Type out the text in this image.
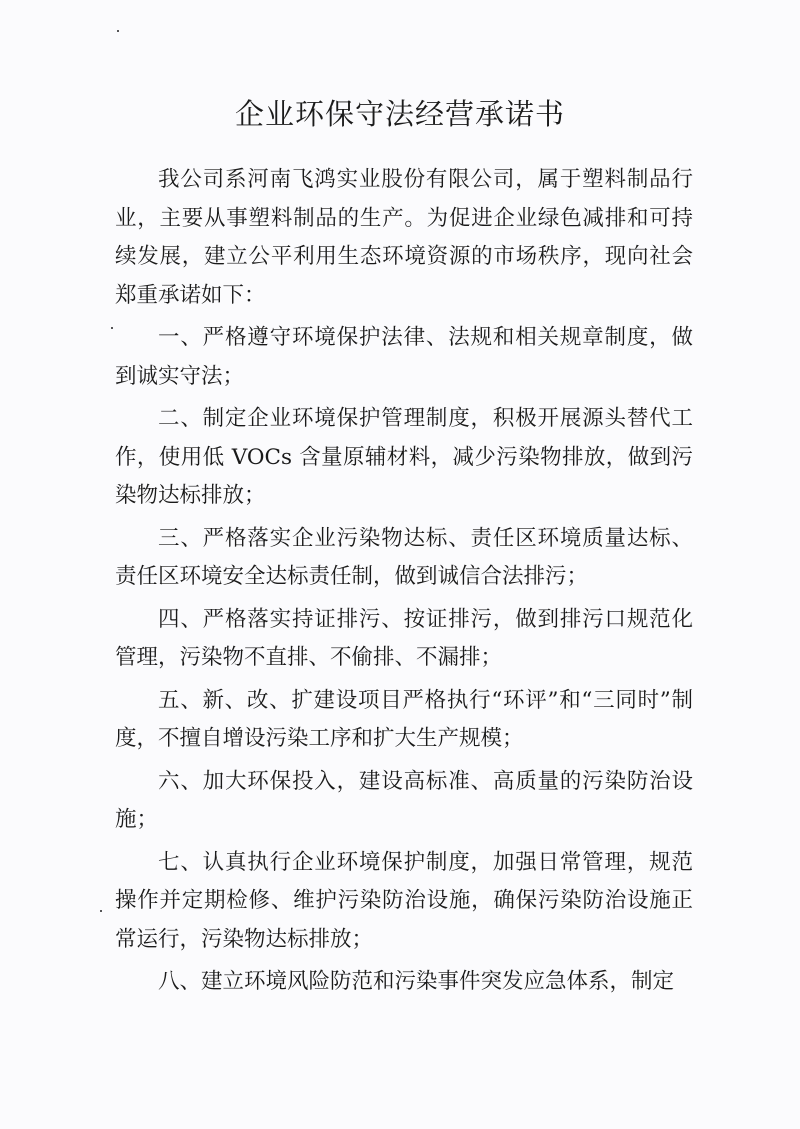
企业环保守法经营承诺书

我公司系河南飞鸿实业股份有限公司，属于塑料制品行业，主要从事塑料制品的生产。为促进企业绿色减排和可持续发展，建立公平利用生态环境资源的市场秩序，现向社会郑重承诺如下：

一、严格遵守环境保护法律、法规和相关规章制度，做到诚实守法；

二、制定企业环境保护管理制度，积极开展源头替代工作，使用低 VOCs 含量原辅材料，减少污染物排放，做到污染物达标排放；

三、严格落实企业污染物达标、责任区环境质量达标、责任区环境安全达标责任制，做到诚信合法排污；

四、严格落实持证排污、按证排污，做到排污口规范化管理，污染物不直排、不偷排、不漏排；

五、新、改、扩建设项目严格执行“环评”和“三同时”制度，不擅自增设污染工序和扩大生产规模；

六、加大环保投入，建设高标准、高质量的污染防治设施；

七、认真执行企业环境保护制度，加强日常管理，规范操作并定期检修、维护污染防治设施，确保污染防治设施正常运行，污染物达标排放；

八、建立环境风险防范和污染事件突发应急体系，制定
